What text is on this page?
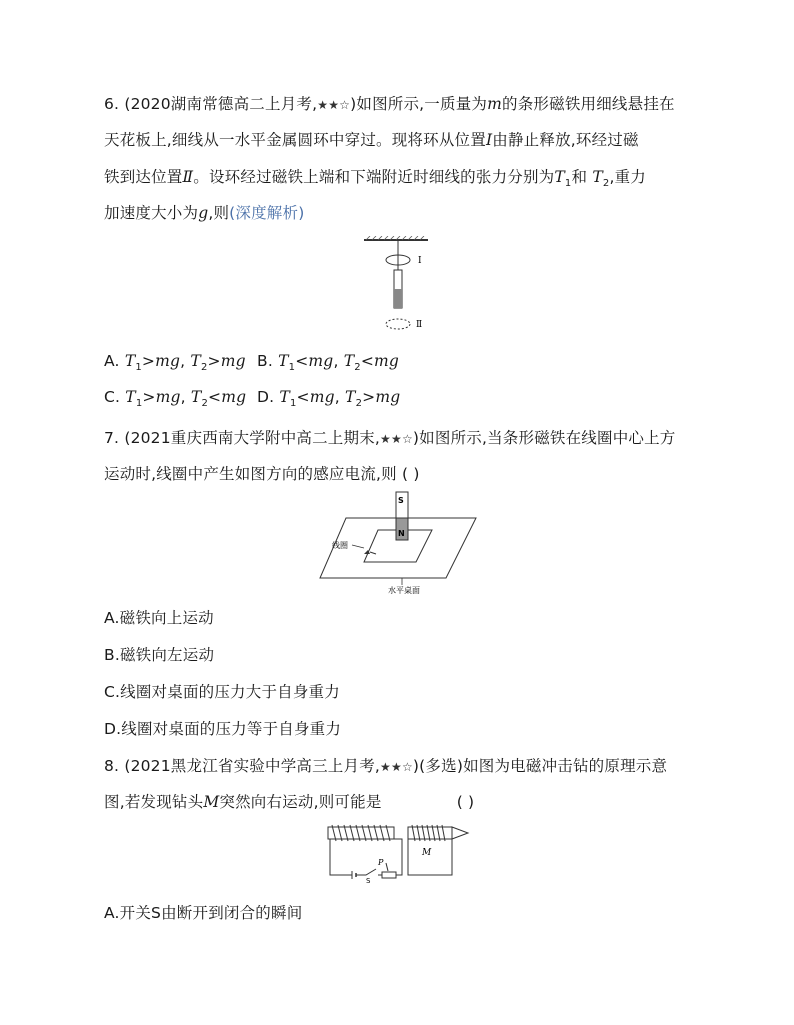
6. (2020湖南常德高二上月考,★★☆)如图所示,一质量为m的条形磁铁用细线悬挂在
天花板上,细线从一水平金属圆环中穿过。现将环从位置Ⅰ由静止释放,环经过磁
铁到达位置Ⅱ。设环经过磁铁上端和下端附近时细线的张力分别为$T_1$和 $T_2$,重力
加速度大小为g,则(深度解析)
Ⅰ
Ⅱ
A. $T_1>mg$, $T_2>mg$ B. $T_1<mg$, $T_2<mg$
C. $T_1>mg$, $T_2<mg$ D. $T_1<mg$, $T_2>mg$
7. (2021重庆西南大学附中高二上期末,★★☆)如图所示,当条形磁铁在线圈中心上方
运动时,线圈中产生如图方向的感应电流,则 ( )
S
N
线圈
水平桌面
A.磁铁向上运动
B.磁铁向左运动
C.线圈对桌面的压力大于自身重力
D.线圈对桌面的压力等于自身重力
8. (2021黑龙江省实验中学高三上月考,★★☆)(多选)如图为电磁冲击钻的原理示意
图,若发现钻头M突然向右运动,则可能是	( )
M
P
S
A.开关S由断开到闭合的瞬间
